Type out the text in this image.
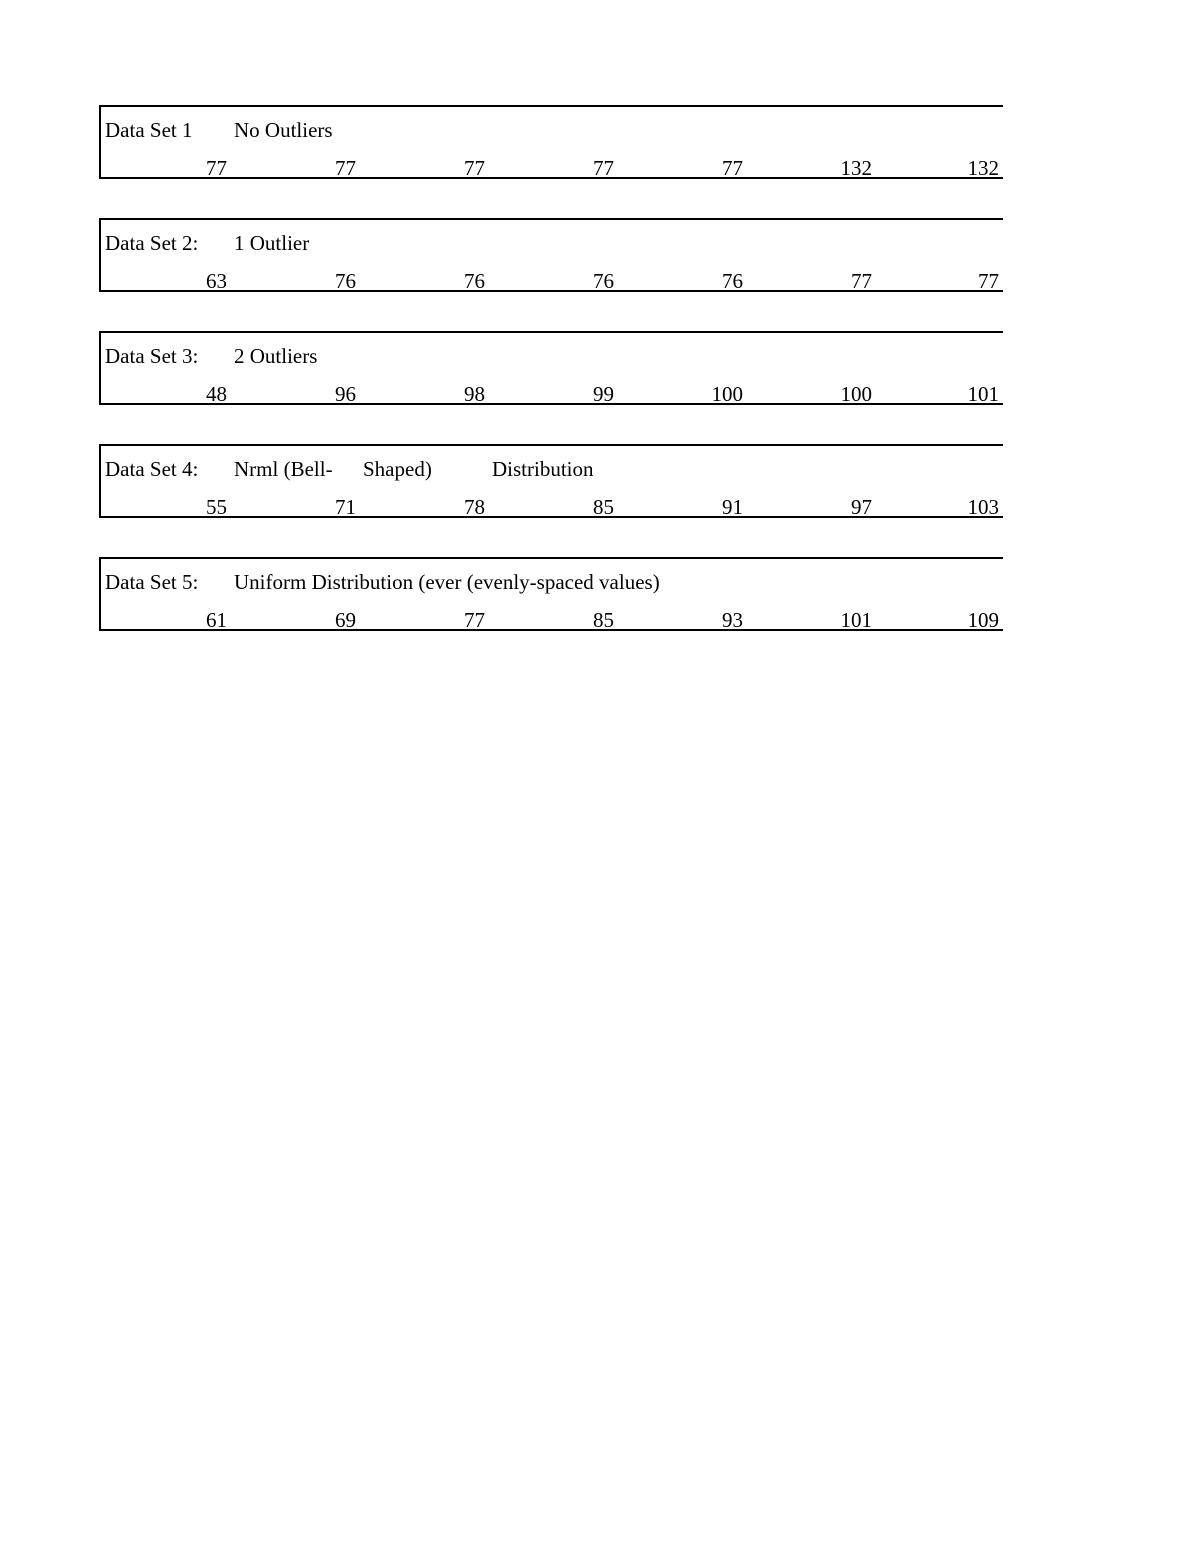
Data Set 1 No Outliers
77	77	77	77	77	132	132
Data Set 2: 1 Outlier
63	76	76	76	76	77	77
Data Set 3: 2 Outliers
48	96	98	99	100	100	101
Data Set 4: Nrml (Bell- Shaped)	Distribution
55	71	78	85	91	97	103
Data Set 5: Uniform Distribution (ever (evenly-spaced values)
61	69	77	85	93	101	109
